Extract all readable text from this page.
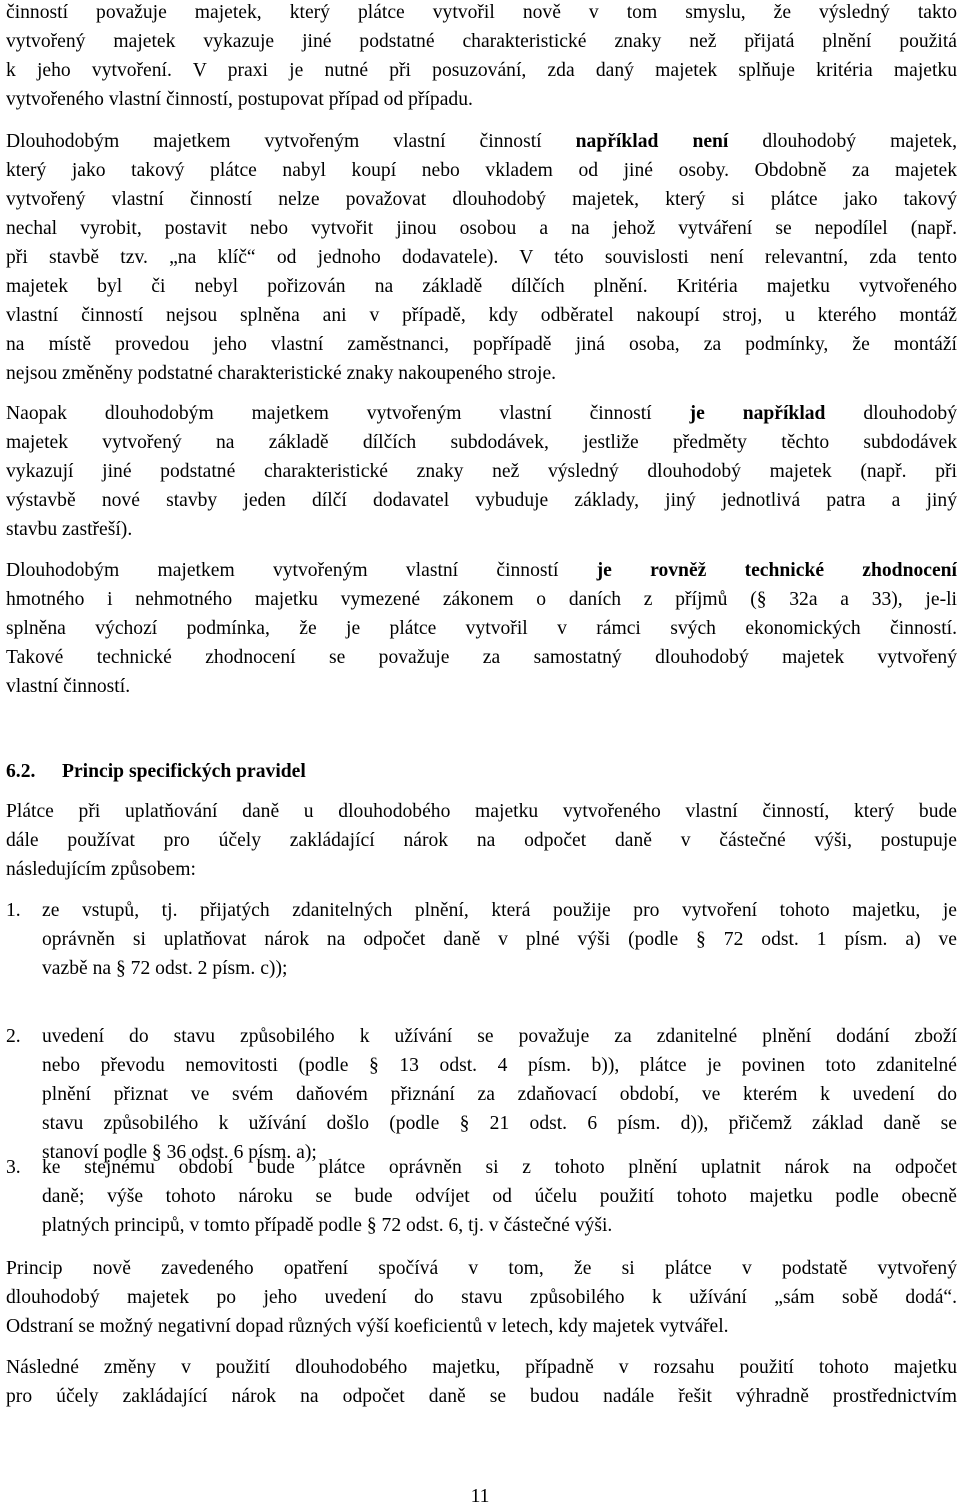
činností považuje majetek, který plátce vytvořil nově v tom smyslu, že výsledný takto
vytvořený majetek vykazuje jiné podstatné charakteristické znaky než přijatá plnění použitá
k jeho vytvoření. V praxi je nutné při posuzování, zda daný majetek splňuje kritéria majetku
vytvořeného vlastní činností, postupovat případ od případu.
Dlouhodobým majetkem vytvořeným vlastní činností například není dlouhodobý majetek,
který jako takový plátce nabyl koupí nebo vkladem od jiné osoby. Obdobně za majetek
vytvořený vlastní činností nelze považovat dlouhodobý majetek, který si plátce jako takový
nechal vyrobit, postavit nebo vytvořit jinou osobou a na jehož vytváření se nepodílel (např.
při stavbě tzv. „na klíč“ od jednoho dodavatele). V této souvislosti není relevantní, zda tento
majetek byl či nebyl pořizován na základě dílčích plnění. Kritéria majetku vytvořeného
vlastní činností nejsou splněna ani v případě, kdy odběratel nakoupí stroj, u kterého montáž
na místě provedou jeho vlastní zaměstnanci, popřípadě jiná osoba, za podmínky, že montáží
nejsou změněny podstatné charakteristické znaky nakoupeného stroje.
Naopak dlouhodobým majetkem vytvořeným vlastní činností je například dlouhodobý
majetek vytvořený na základě dílčích subdodávek, jestliže předměty těchto subdodávek
vykazují jiné podstatné charakteristické znaky než výsledný dlouhodobý majetek (např. při
výstavbě nové stavby jeden dílčí dodavatel vybuduje základy, jiný jednotlivá patra a jiný
stavbu zastřeší).
Dlouhodobým majetkem vytvořeným vlastní činností je rovněž technické zhodnocení
hmotného i nehmotného majetku vymezené zákonem o daních z příjmů (§ 32a a 33), je-li
splněna výchozí podmínka, že je plátce vytvořil v rámci svých ekonomických činností.
Takové technické zhodnocení se považuje za samostatný dlouhodobý majetek vytvořený
vlastní činností.
6.2. Princip specifických pravidel
Plátce při uplatňování daně u dlouhodobého majetku vytvořeného vlastní činností, který bude
dále používat pro účely zakládající nárok na odpočet daně v částečné výši, postupuje
následujícím způsobem:
1.	ze vstupů, tj. přijatých zdanitelných plnění, která použije pro vytvoření tohoto majetku, je
oprávněn si uplatňovat nárok na odpočet daně v plné výši (podle § 72 odst. 1 písm. a) ve
vazbě na § 72 odst. 2 písm. c));
2.	uvedení do stavu způsobilého k užívání se považuje za zdanitelné plnění dodání zboží
nebo převodu nemovitosti (podle § 13 odst. 4 písm. b)), plátce je povinen toto zdanitelné
plnění přiznat ve svém daňovém přiznání za zdaňovací období, ve kterém k uvedení do
stavu způsobilého k užívání došlo (podle § 21 odst. 6 písm. d)), přičemž základ daně se
stanoví podle § 36 odst. 6 písm. a);
3.	ke stejnému období bude plátce oprávněn si z tohoto plnění uplatnit nárok na odpočet
daně; výše tohoto nároku se bude odvíjet od účelu použití tohoto majetku podle obecně
platných principů, v tomto případě podle § 72 odst. 6, tj. v částečné výši.
Princip nově zavedeného opatření spočívá v tom, že si plátce v podstatě vytvořený
dlouhodobý majetek po jeho uvedení do stavu způsobilého k užívání „sám sobě dodá“.
Odstraní se možný negativní dopad různých výší koeficientů v letech, kdy majetek vytvářel.
Následné změny v použití dlouhodobého majetku, případně v rozsahu použití tohoto majetku
pro účely zakládající nárok na odpočet daně se budou nadále řešit výhradně prostřednictvím
11
